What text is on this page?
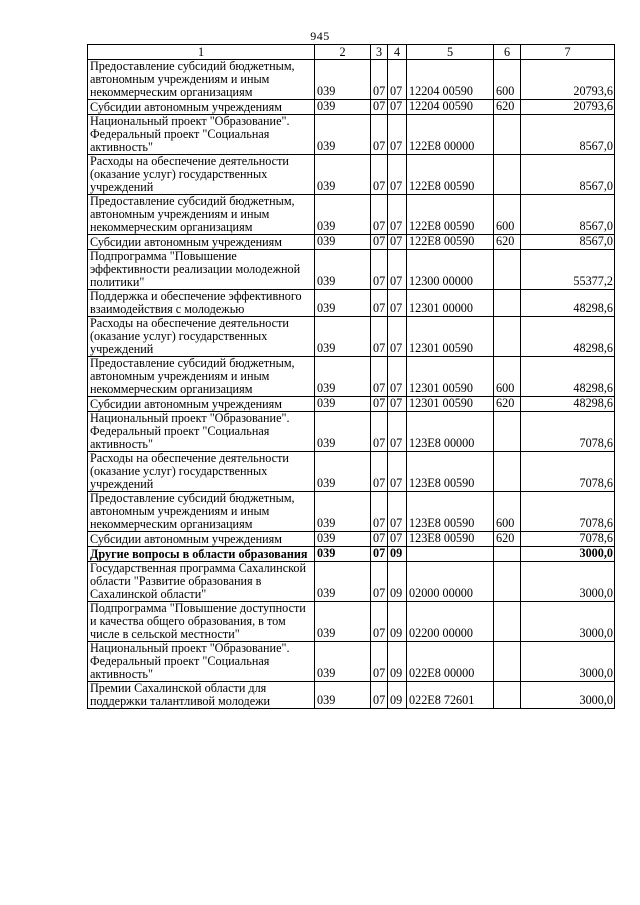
945
1	2	3	4	5	6	7
Предоставление субсидий бюджетным, автономным учреждениям и иным некоммерческим организациям	039	07	07	12204 00590	600	20793,6
Субсидии автономным учреждениям	039	07	07	12204 00590	620	20793,6
Национальный проект "Образование". Федеральный проект "Социальная активность"	039	07	07	122E8 00000		8567,0
Расходы на обеспечение деятельности (оказание услуг) государственных учреждений	039	07	07	122E8 00590		8567,0
Предоставление субсидий бюджетным, автономным учреждениям и иным некоммерческим организациям	039	07	07	122E8 00590	600	8567,0
Субсидии автономным учреждениям	039	07	07	122E8 00590	620	8567,0
Подпрограмма "Повышение эффективности реализации молодежной политики"	039	07	07	12300 00000		55377,2
Поддержка и обеспечение эффективного взаимодействия с молодежью	039	07	07	12301 00000		48298,6
Расходы на обеспечение деятельности (оказание услуг) государственных учреждений	039	07	07	12301 00590		48298,6
Предоставление субсидий бюджетным, автономным учреждениям и иным некоммерческим организациям	039	07	07	12301 00590	600	48298,6
Субсидии автономным учреждениям	039	07	07	12301 00590	620	48298,6
Национальный проект "Образование". Федеральный проект "Социальная активность"	039	07	07	123E8 00000		7078,6
Расходы на обеспечение деятельности (оказание услуг) государственных учреждений	039	07	07	123E8 00590		7078,6
Предоставление субсидий бюджетным, автономным учреждениям и иным некоммерческим организациям	039	07	07	123E8 00590	600	7078,6
Субсидии автономным учреждениям	039	07	07	123E8 00590	620	7078,6
Другие вопросы в области образования	039	07	09			3000,0
Государственная программа Сахалинской области "Развитие образования в Сахалинской области"	039	07	09	02000 00000		3000,0
Подпрограмма "Повышение доступности и качества общего образования, в том числе в сельской местности"	039	07	09	02200 00000		3000,0
Национальный проект "Образование". Федеральный проект "Социальная активность"	039	07	09	022E8 00000		3000,0
Премии Сахалинской области для поддержки талантливой молодежи	039	07	09	022E8 72601		3000,0
